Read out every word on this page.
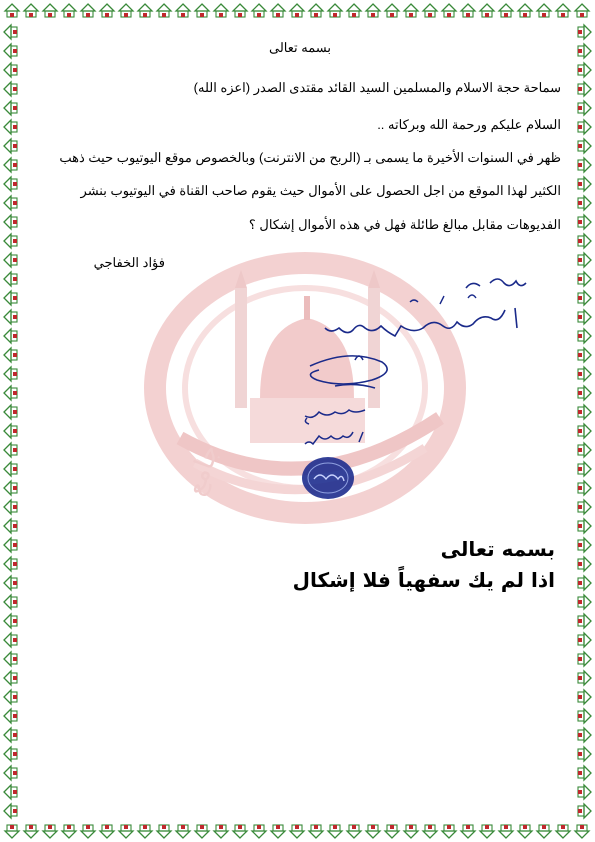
جامع
بسمه تعالى
سماحة حجة الاسلام والمسلمين السيد القائد مقتدى الصدر (اعزه الله)
السلام عليكم ورحمة الله وبركاته ..
ظهر في السنوات الأخيرة ما يسمى بـ (الربح من الانترنت) وبالخصوص موقع اليوتيوب حيث ذهب
الكثير لهذا الموقع من اجل الحصول على الأموال حيث يقوم صاحب القناة في اليوتيوب بنشر
الفديوهات مقابل مبالغ طائلة فهل في هذه الأموال إشكال ؟
فؤاد الخفاجي
بسمه تعالى
اذا لم يك سفهياً فلا إشكال
